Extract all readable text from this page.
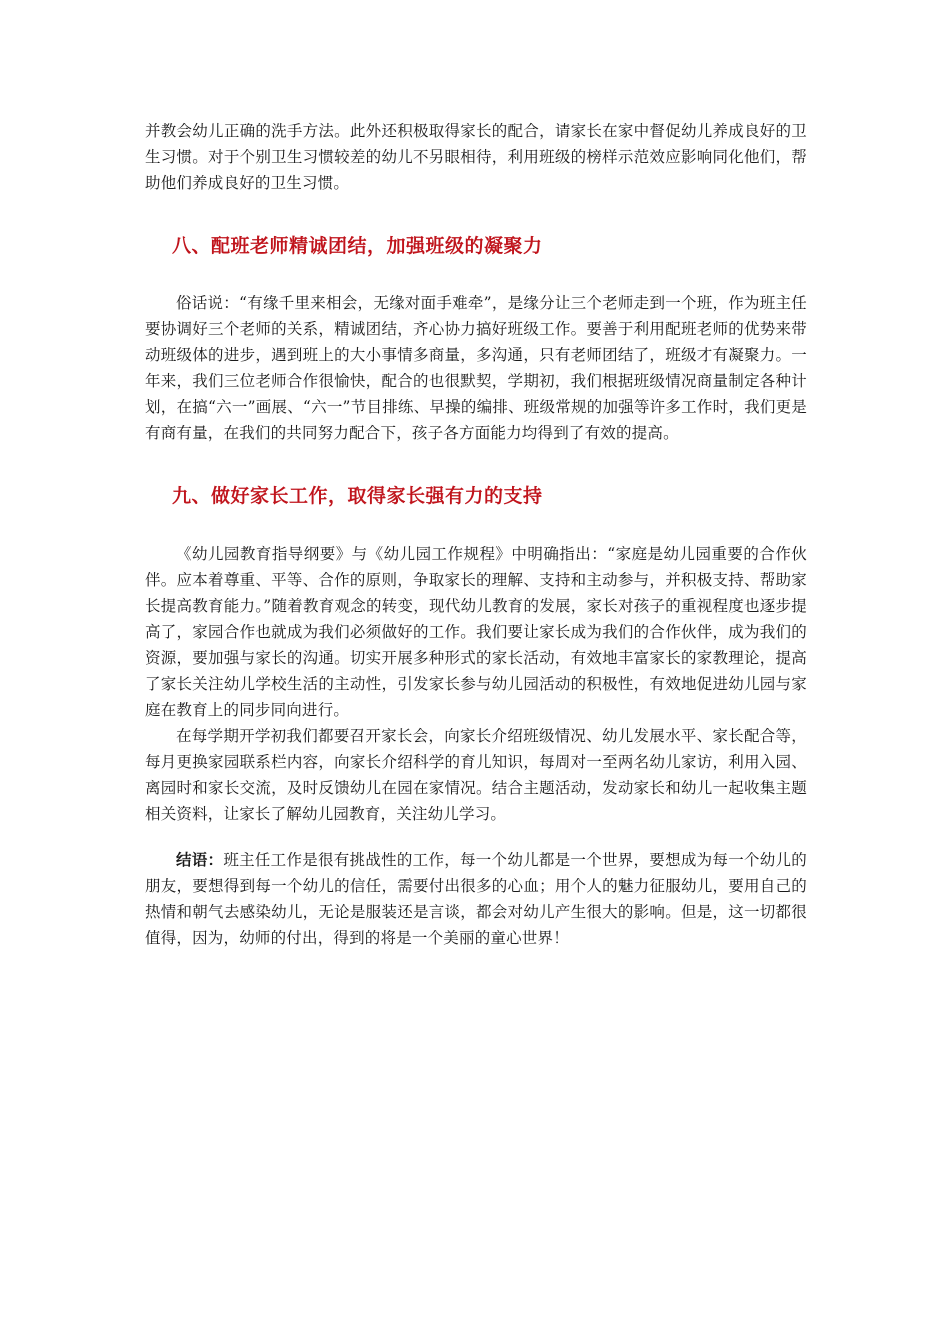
并教会幼儿正确的洗手方法。此外还积极取得家长的配合，请家长在家中督促幼儿养成良好的卫生习惯。对于个别卫生习惯较差的幼儿不另眼相待，利用班级的榜样示范效应影响同化他们，帮助他们养成良好的卫生习惯。

八、配班老师精诚团结，加强班级的凝聚力

俗话说：“有缘千里来相会，无缘对面手难牵”，是缘分让三个老师走到一个班，作为班主任要协调好三个老师的关系，精诚团结，齐心协力搞好班级工作。要善于利用配班老师的优势来带动班级体的进步，遇到班上的大小事情多商量，多沟通，只有老师团结了，班级才有凝聚力。一年来，我们三位老师合作很愉快，配合的也很默契，学期初，我们根据班级情况商量制定各种计划，在搞“六一”画展、“六一”节目排练、早操的编排、班级常规的加强等许多工作时，我们更是有商有量，在我们的共同努力配合下，孩子各方面能力均得到了有效的提高。

九、做好家长工作，取得家长强有力的支持

《幼儿园教育指导纲要》与《幼儿园工作规程》中明确指出：“家庭是幼儿园重要的合作伙伴。应本着尊重、平等、合作的原则，争取家长的理解、支持和主动参与，并积极支持、帮助家长提高教育能力。”随着教育观念的转变，现代幼儿教育的发展，家长对孩子的重视程度也逐步提高了，家园合作也就成为我们必须做好的工作。我们要让家长成为我们的合作伙伴，成为我们的资源，要加强与家长的沟通。切实开展多种形式的家长活动，有效地丰富家长的家教理论，提高了家长关注幼儿学校生活的主动性，引发家长参与幼儿园活动的积极性，有效地促进幼儿园与家庭在教育上的同步同向进行。

在每学期开学初我们都要召开家长会，向家长介绍班级情况、幼儿发展水平、家长配合等，每月更换家园联系栏内容，向家长介绍科学的育儿知识，每周对一至两名幼儿家访，利用入园、离园时和家长交流，及时反馈幼儿在园在家情况。结合主题活动，发动家长和幼儿一起收集主题相关资料，让家长了解幼儿园教育，关注幼儿学习。

结语：班主任工作是很有挑战性的工作，每一个幼儿都是一个世界，要想成为每一个幼儿的朋友，要想得到每一个幼儿的信任，需要付出很多的心血；用个人的魅力征服幼儿，要用自己的热情和朝气去感染幼儿，无论是服装还是言谈，都会对幼儿产生很大的影响。但是，这一切都很值得，因为，幼师的付出，得到的将是一个美丽的童心世界！
